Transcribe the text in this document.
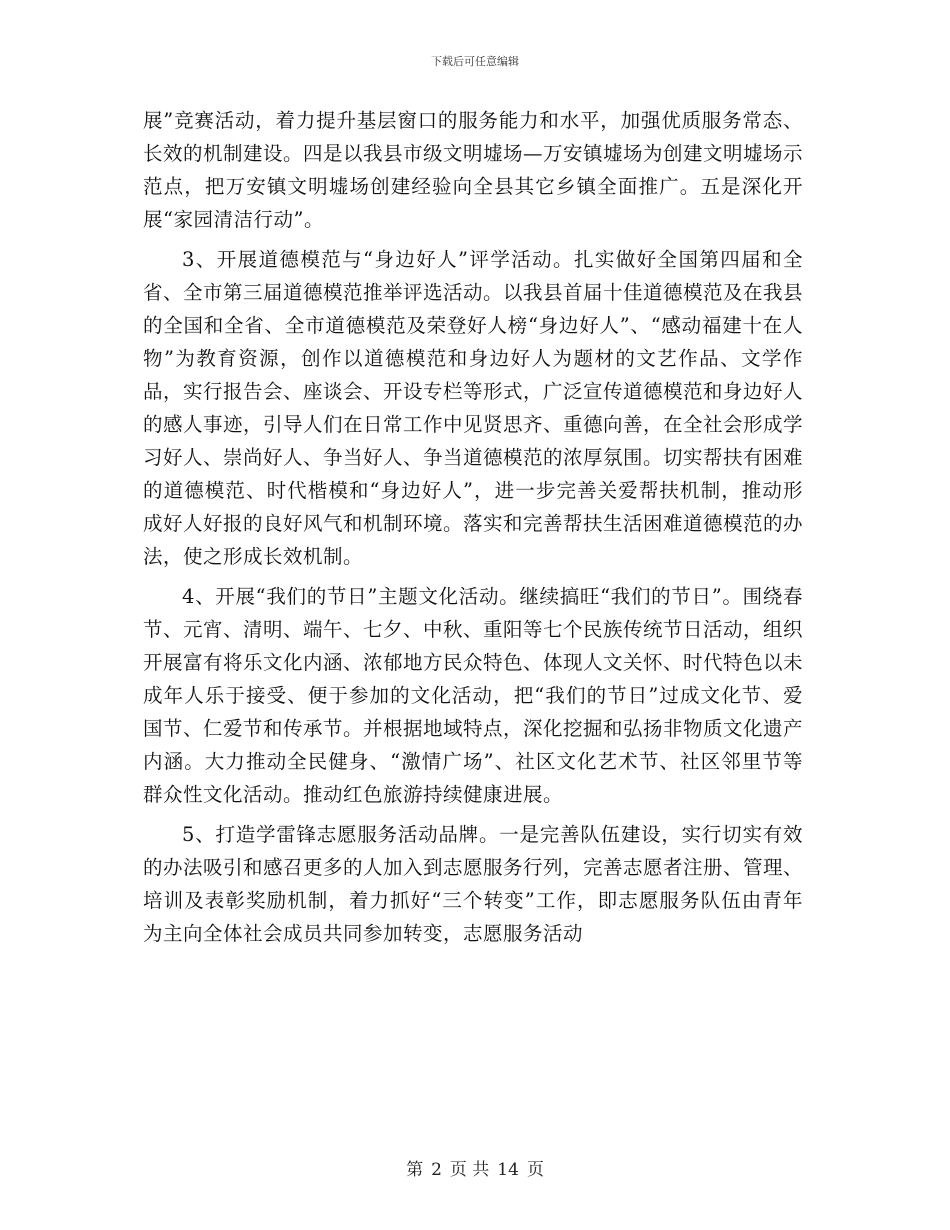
下载后可任意编辑

展”竞赛活动，着力提升基层窗口的服务能力和水平，加强优质服务常态、长效的机制建设。四是以我县市级文明墟场—万安镇墟场为创建文明墟场示范点，把万安镇文明墟场创建经验向全县其它乡镇全面推广。五是深化开展“家园清洁行动”。

3、开展道德模范与“身边好人”评学活动。扎实做好全国第四届和全省、全市第三届道德模范推举评选活动。以我县首届十佳道德模范及在我县的全国和全省、全市道德模范及荣登好人榜“身边好人”、“感动福建十在人物”为教育资源，创作以道德模范和身边好人为题材的文艺作品、文学作品，实行报告会、座谈会、开设专栏等形式，广泛宣传道德模范和身边好人的感人事迹，引导人们在日常工作中见贤思齐、重德向善，在全社会形成学习好人、崇尚好人、争当好人、争当道德模范的浓厚氛围。切实帮扶有困难的道德模范、时代楷模和“身边好人”，进一步完善关爱帮扶机制，推动形成好人好报的良好风气和机制环境。落实和完善帮扶生活困难道德模范的办法，使之形成长效机制。

4、开展“我们的节日”主题文化活动。继续搞旺“我们的节日”。围绕春节、元宵、清明、端午、七夕、中秋、重阳等七个民族传统节日活动，组织开展富有将乐文化内涵、浓郁地方民众特色、体现人文关怀、时代特色以未成年人乐于接受、便于参加的文化活动，把“我们的节日”过成文化节、爱国节、仁爱节和传承节。并根据地域特点，深化挖掘和弘扬非物质文化遗产内涵。大力推动全民健身、“激情广场”、社区文化艺术节、社区邻里节等群众性文化活动。推动红色旅游持续健康进展。

5、打造学雷锋志愿服务活动品牌。一是完善队伍建设，实行切实有效的办法吸引和感召更多的人加入到志愿服务行列，完善志愿者注册、管理、培训及表彰奖励机制，着力抓好“三个转变”工作，即志愿服务队伍由青年为主向全体社会成员共同参加转变，志愿服务活动

第 2 页 共 14 页
